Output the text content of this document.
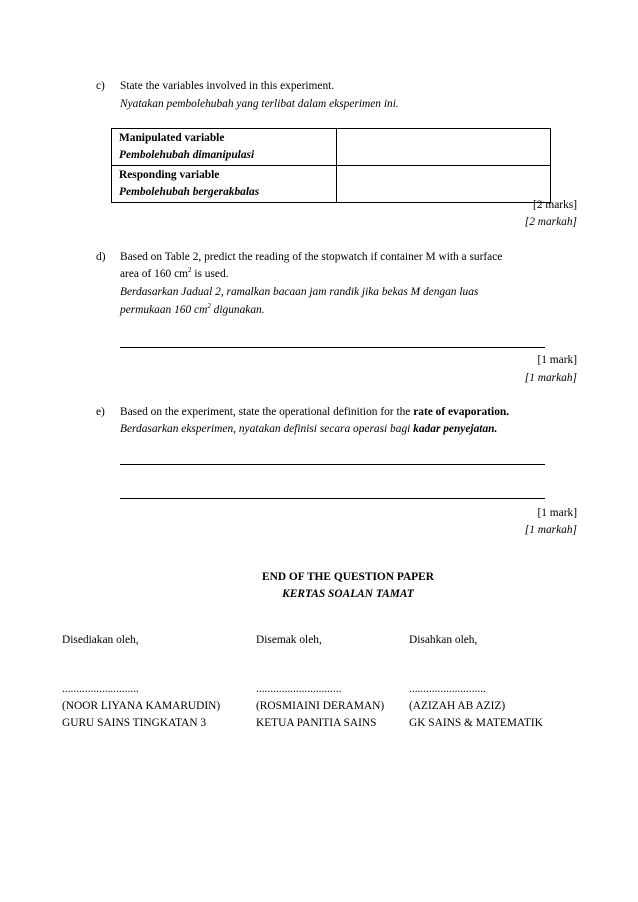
c) State the variables involved in this experiment.
Nyatakan pembolehubah yang terlibat dalam eksperimen ini.
Manipulated variable
Pembolehubah dimanipulasi	

Responding variable
Pembolehubah bergerakbalas	

[2 marks]
[2 markah]
d) Based on Table 2, predict the reading of the stopwatch if container M with a surface
area of 160 $cm^2$ is used.
Berdasarkan Jadual 2, ramalkan bacaan jam randik jika bekas M dengan luas
permukaan 160 $cm^2$ digunakan.
[1 mark]
[1 markah]
e) Based on the experiment, state the operational definition for the rate of evaporation.
Berdasarkan eksperimen, nyatakan definisi secara operasi bagi kadar penyejatan.
[1 mark]
[1 markah]
END OF THE QUESTION PAPER
KERTAS SOALAN TAMAT
Disediakan oleh,
...........................
(NOOR LIYANA KAMARUDIN)
GURU SAINS TINGKATAN 3
Disemak oleh,
..............................
(ROSMIAINI DERAMAN)
KETUA PANITIA SAINS
Disahkan oleh,
...........................
(AZIZAH AB AZIZ)
GK SAINS & MATEMATIK
